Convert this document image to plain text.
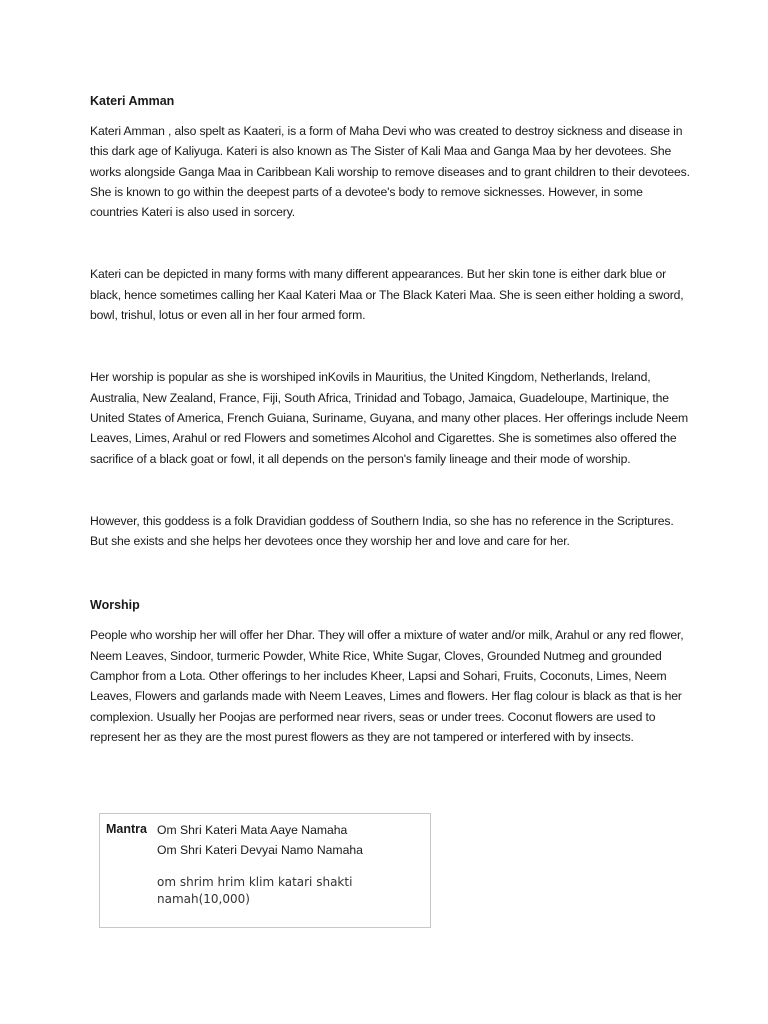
Kateri Amman

Kateri Amman , also spelt as Kaateri, is a form of Maha Devi who was created to destroy sickness and disease in this dark age of Kaliyuga. Kateri is also known as The Sister of Kali Maa and Ganga Maa by her devotees. She works alongside Ganga Maa in Caribbean Kali worship to remove diseases and to grant children to their devotees. She is known to go within the deepest parts of a devotee's body to remove sicknesses. However, in some countries Kateri is also used in sorcery.

Kateri can be depicted in many forms with many different appearances. But her skin tone is either dark blue or black, hence sometimes calling her Kaal Kateri Maa or The Black Kateri Maa. She is seen either holding a sword, bowl, trishul, lotus or even all in her four armed form.

Her worship is popular as she is worshiped inKovils in Mauritius, the United Kingdom, Netherlands, Ireland, Australia, New Zealand, France, Fiji, South Africa, Trinidad and Tobago, Jamaica, Guadeloupe, Martinique, the United States of America, French Guiana, Suriname, Guyana, and many other places. Her offerings include Neem Leaves, Limes, Arahul or red Flowers and sometimes Alcohol and Cigarettes. She is sometimes also offered the sacrifice of a black goat or fowl, it all depends on the person's family lineage and their mode of worship.

However, this goddess is a folk Dravidian goddess of Southern India, so she has no reference in the Scriptures. But she exists and she helps her devotees once they worship her and love and care for her.

Worship

People who worship her will offer her Dhar. They will offer a mixture of water and/or milk, Arahul or any red flower, Neem Leaves, Sindoor, turmeric Powder, White Rice, White Sugar, Cloves, Grounded Nutmeg and grounded Camphor from a Lota. Other offerings to her includes Kheer, Lapsi and Sohari, Fruits, Coconuts, Limes, Neem Leaves, Flowers and garlands made with Neem Leaves, Limes and flowers. Her flag colour is black as that is her complexion. Usually her Poojas are performed near rivers, seas or under trees. Coconut flowers are used to represent her as they are the most purest flowers as they are not tampered or interfered with by insects.

Mantra Om Shri Kateri Mata Aaye Namaha
Om Shri Kateri Devyai Namo Namaha
om shrim hrim klim katari shakti namah(10,000)
